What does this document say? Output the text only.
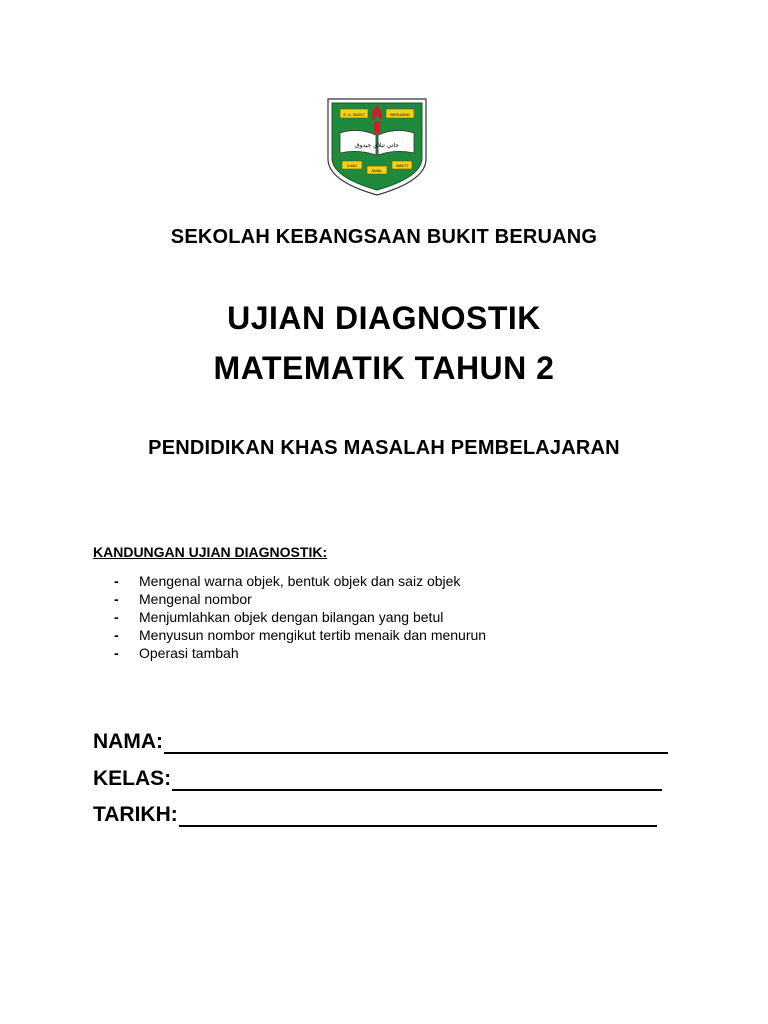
S. K. BUKIT	BERUANG
جاتي تيلاي جيدوق
ILMU
AMAL
BAKTI
SEKOLAH KEBANGSAAN BUKIT BERUANG
UJIAN DIAGNOSTIK
MATEMATIK TAHUN 2
PENDIDIKAN KHAS MASALAH PEMBELAJARAN
KANDUNGAN UJIAN DIAGNOSTIK:
- Mengenal warna objek, bentuk objek dan saiz objek
- Mengenal nombor
- Menjumlahkan objek dengan bilangan yang betul
- Menyusun nombor mengikut tertib menaik dan menurun
- Operasi tambah
NAMA:
KELAS:
TARIKH:
